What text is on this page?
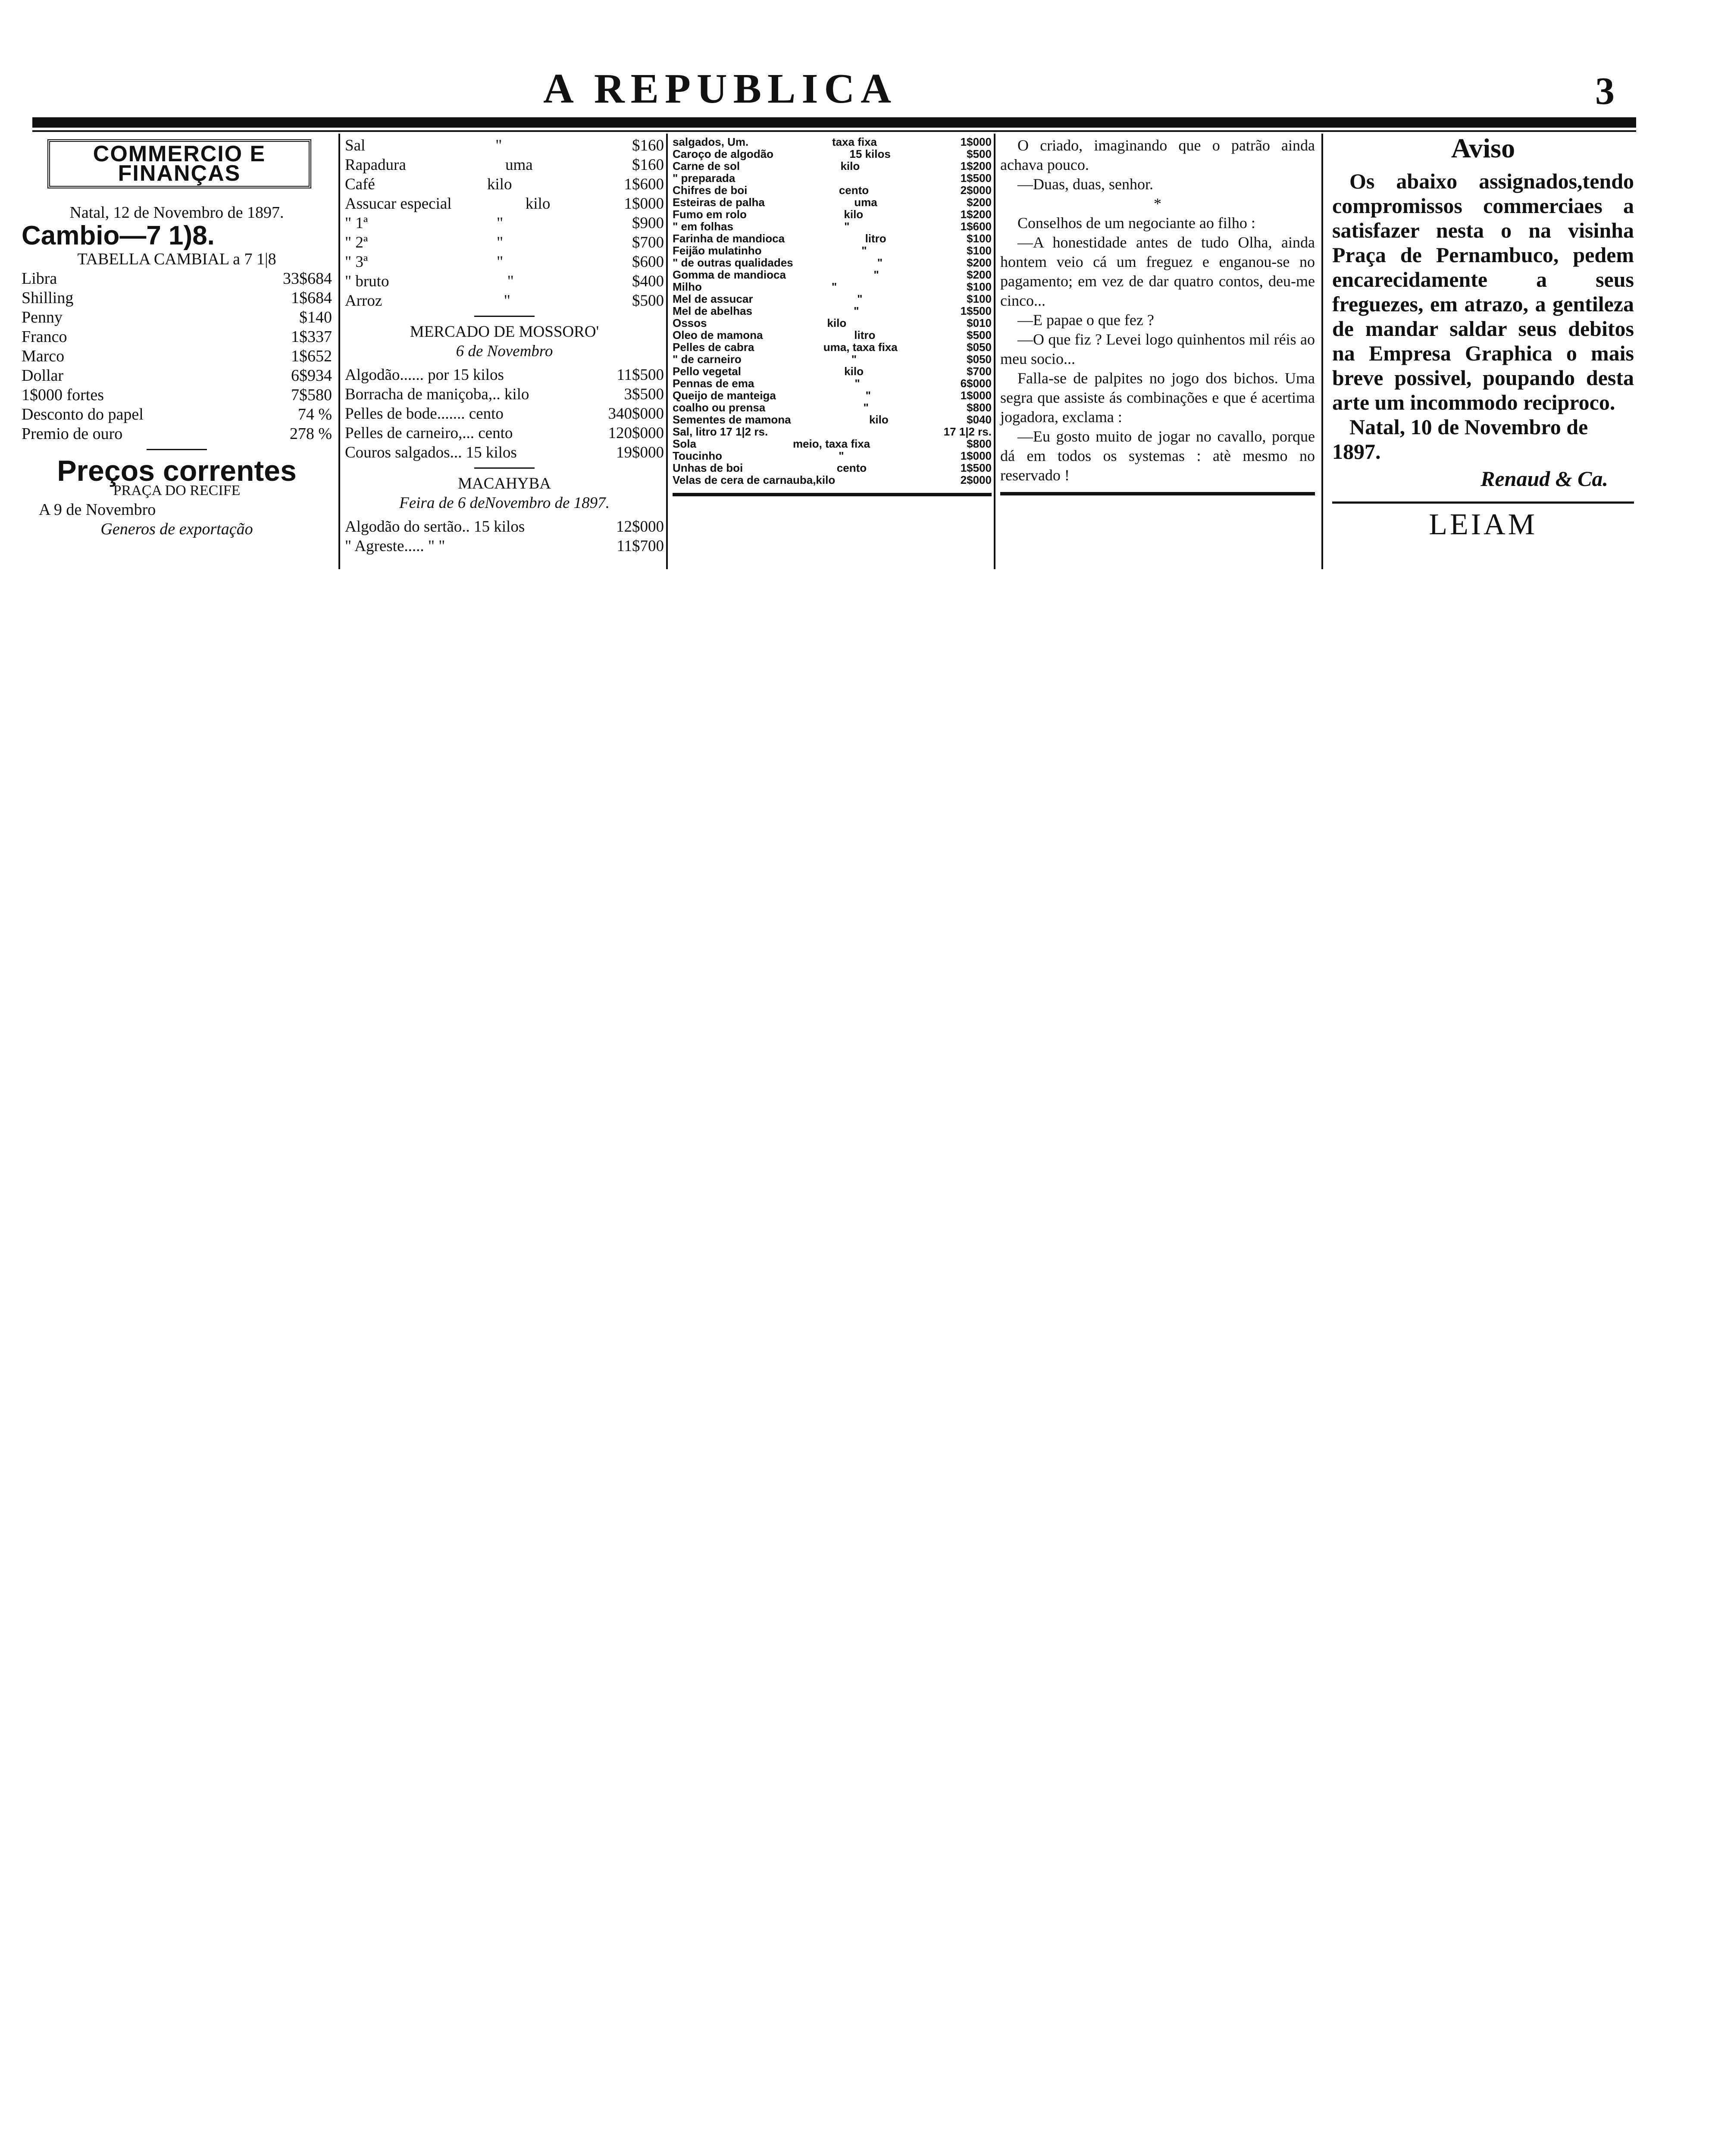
A REPUBLICA	3
COMMERCIO E FINANÇAS
Natal, 12 de Novembro de 1897.
Cambio—7 1)8.
TABELLA CAMBIAL a 7 1|8
Libra	33$684
Shilling	1$684
Penny	$140
Franco	1$337
Marco	1$652
Dollar	6$934
1$000 fortes	7$580
Desconto do papel	74 %
Premio de ouro	278 %
Preços correntes
PRAÇA DO RECIFE
A 9 de Novembro
Generos de exportação
Sal	"	$160
Rapadura	uma	$160
Café	kilo	1$600
Assucar especial	kilo	1$000
" 1ª	"	$900
" 2ª	"	$700
" 3ª	"	$600
" bruto	"	$400
Arroz	"	$500
MERCADO DE MOSSORO'
6 de Novembro
Algodão...... por 15 kilos	11$500
Borracha de maniçoba,.. kilo	3$500
Pelles de bode....... cento	340$000
Pelles de carneiro,... cento	120$000
Couros salgados... 15 kilos	19$000
MACAHYBA
Feira de 6 deNovembro de 1897.
Algodão do sertão.. 15 kilos	12$000
" Agreste..... " "	11$700
salgados, Um.	taxa fixa	1$000
Caroço de algodão	15 kilos	$500
Carne de sol	kilo	1$200
" preparada	1$500
Chifres de boi	cento	2$000
Esteiras de palha	uma	$200
Fumo em rolo	kilo	1$200
" em folhas	"	1$600
Farinha de mandioca	litro	$100
Feijão mulatinho	"	$100
" de outras qualidades	"	$200
Gomma de mandioca	"	$200
Milho	"	$100
Mel de assucar	"	$100
Mel de abelhas	"	1$500
Ossos	kilo	$010
Oleo de mamona	litro	$500
Pelles de cabra	uma, taxa fixa	$050
" de carneiro	"	$050
Pello vegetal	kilo	$700
Pennas de ema	"	6$000
Queijo de manteiga	"	1$000
coalho ou prensa	"	$800
Sementes de mamona	kilo	$040
Sal, litro 17 1|2 rs.	17 1|2 rs.
Sola	meio, taxa fixa	$800
Toucinho	"	1$000
Unhas de boi	cento	1$500
Velas de cera de carnauba,kilo	2$000
O criado, imaginando que o patrão ainda achava pouco.
—Duas, duas, senhor.
*
Conselhos de um negociante ao filho :
—A honestidade antes de tudo Olha, ainda hontem veio cá um freguez e enganou-se no pagamento; em vez de dar quatro contos, deu-me cinco...
—E papae o que fez ?
—O que fiz ? Levei logo quinhentos mil réis ao meu socio...
Falla-se de palpites no jogo dos bichos. Uma segra que assiste ás combinações e que é acertima jogadora, exclama :
—Eu gosto muito de jogar no cavallo, porque dá em todos os systemas : atè mesmo no reservado !
Aviso
Os abaixo assignados,tendo compromissos commerciaes a satisfazer nesta o na visinha Praça de Pernambuco, pedem encarecidamente a seus freguezes, em atrazo, a gentileza de mandar saldar seus debitos na Empresa Graphica o mais breve possivel, poupando desta arte um incommodo reciproco.
Natal, 10 de Novembro de 1897.
Renaud & Ca.
LEIAM
